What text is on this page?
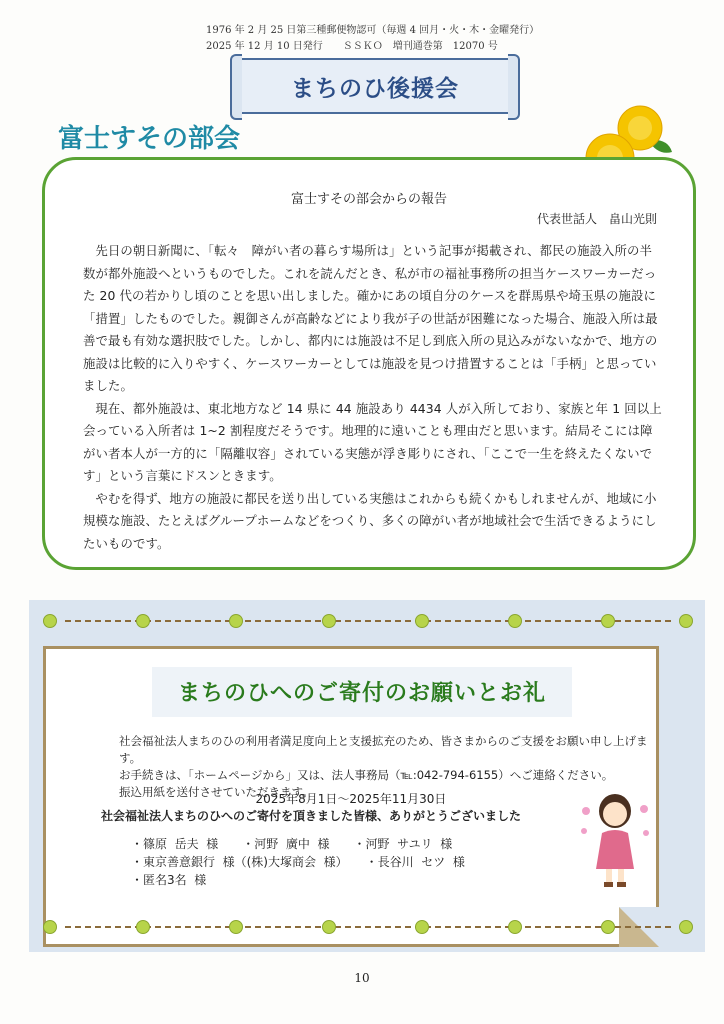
1976 年 2 月 25 日第三種郵便物認可（毎週 4 回月・火・木・金曜発行）
2025 年 12 月 10 日発行　　ＳＳＫＯ　増刊通巻第　12070 号
まちのひ後援会
富士すその部会
富士すその部会からの報告
代表世話人　畠山光則

先日の朝日新聞に、「転々　障がい者の暮らす場所は」という記事が掲載され、都民の施設入所の半数が都外施設へというものでした。これを読んだとき、私が市の福祉事務所の担当ケースワーカーだった 20 代の若かりし頃のことを思い出しました。確かにあの頃自分のケースを群馬県や埼玉県の施設に「措置」したものでした。親御さんが高齢などにより我が子の世話が困難になった場合、施設入所は最善で最も有効な選択肢でした。しかし、都内には施設は不足し到底入所の見込みがないなかで、地方の施設は比較的に入りやすく、ケースワーカーとしては施設を見つけ措置することは「手柄」と思っていました。

現在、都外施設は、東北地方など 14 県に 44 施設あり 4434 人が入所しており、家族と年 1 回以上会っている入所者は 1~2 割程度だそうです。地理的に遠いことも理由だと思います。結局そこには障がい者本人が一方的に「隔離収容」されている実態が浮き彫りにされ、「ここで一生を終えたくないです」という言葉にドスンときます。

やむを得ず、地方の施設に都民を送り出している実態はこれからも続くかもしれませんが、地域に小規模な施設、たとえばグループホームなどをつくり、多くの障がい者が地域社会で生活できるようにしたいものです。

まちのひへのご寄付のお願いとお礼
社会福祉法人まちのひの利用者満足度向上と支援拡充のため、皆さまからのご支援をお願い申し上げます。
お手続きは、「ホームページから」又は、法人事務局（℡:042-794-6155）へご連絡ください。
振込用紙を送付させていただきます。
2025年8月1日～2025年11月30日
社会福祉法人まちのひへのご寄付を頂きました皆様、ありがとうございました
・篠原  岳夫  様　　・河野  廣中  様　　・河野  サユリ  様
・東京善意銀行  様（(株)大塚商会  様）　　・長谷川  セツ  様
・匿名3名  様
10
